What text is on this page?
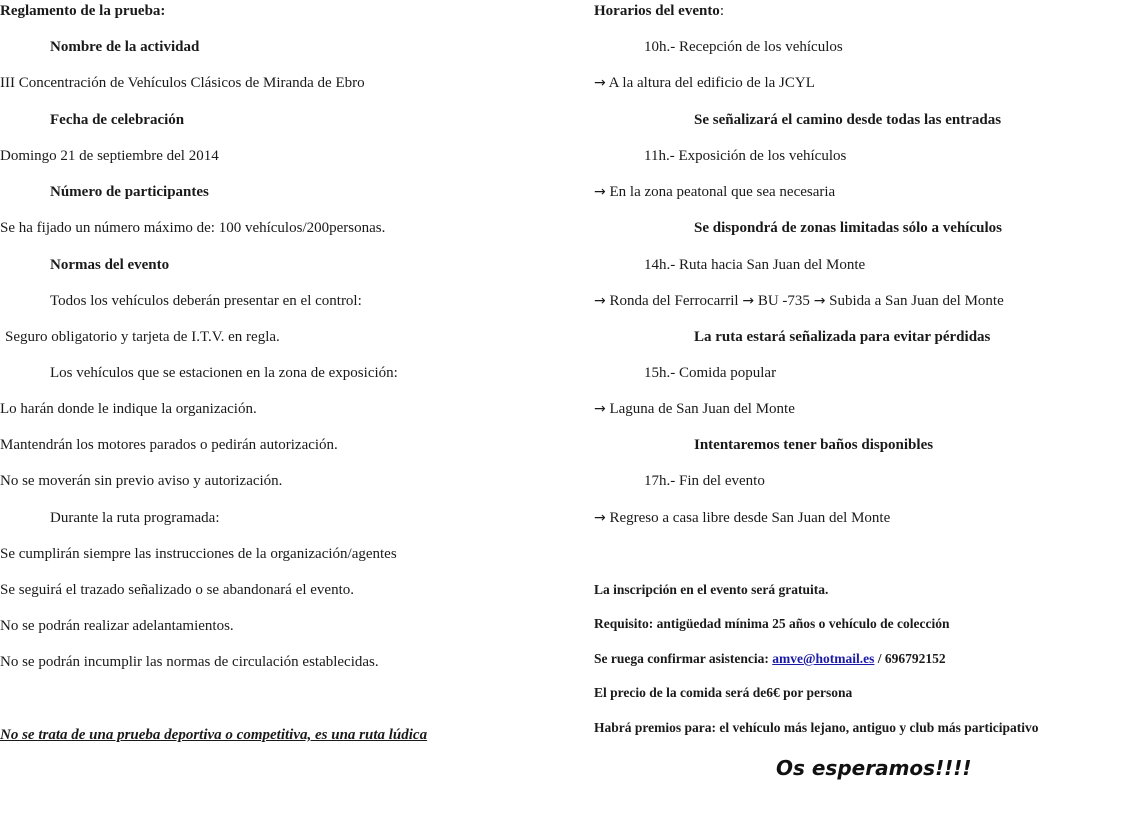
Reglamento de la prueba:
Nombre de la actividad
III Concentración de Vehículos Clásicos de Miranda de Ebro
Fecha de celebración
Domingo 21 de septiembre del 2014
Número de participantes
Se ha fijado un número máximo de: 100 vehículos/200personas.
Normas del evento
Todos los vehículos deberán presentar en el control:
Seguro obligatorio y tarjeta de I.T.V. en regla.
Los vehículos que se estacionen en la zona de exposición:
Lo harán donde le indique la organización.
Mantendrán los motores parados o pedirán autorización.
No se moverán sin previo aviso y autorización.
Durante la ruta programada:
Se cumplirán siempre las instrucciones de la organización/agentes
Se seguirá el trazado señalizado o se abandonará el evento.
No se podrán realizar adelantamientos.
No se podrán incumplir las normas de circulación establecidas.
No se trata de una prueba deportiva o competitiva, es una ruta lúdica
Horarios del evento:
10h.- Recepción de los vehículos
→ A la altura del edificio de la JCYL
Se señalizará el camino desde todas las entradas
11h.- Exposición de los vehículos
→ En la zona peatonal que sea necesaria
Se dispondrá de zonas limitadas sólo a vehículos
14h.- Ruta hacia San Juan del Monte
→ Ronda del Ferrocarril → BU -735 → Subida a San Juan del Monte
La ruta estará señalizada para evitar pérdidas
15h.- Comida popular
→ Laguna de San Juan del Monte
Intentaremos tener baños disponibles
17h.- Fin del evento
→ Regreso a casa libre desde San Juan del Monte
La inscripción en el evento será gratuita.
Requisito: antigüedad mínima 25 años o vehículo de colección
Se ruega confirmar asistencia: amve@hotmail.es / 696792152
El precio de la comida será de6€ por persona
Habrá premios para: el vehículo más lejano, antiguo y club más participativo
Os esperamos!!!!
